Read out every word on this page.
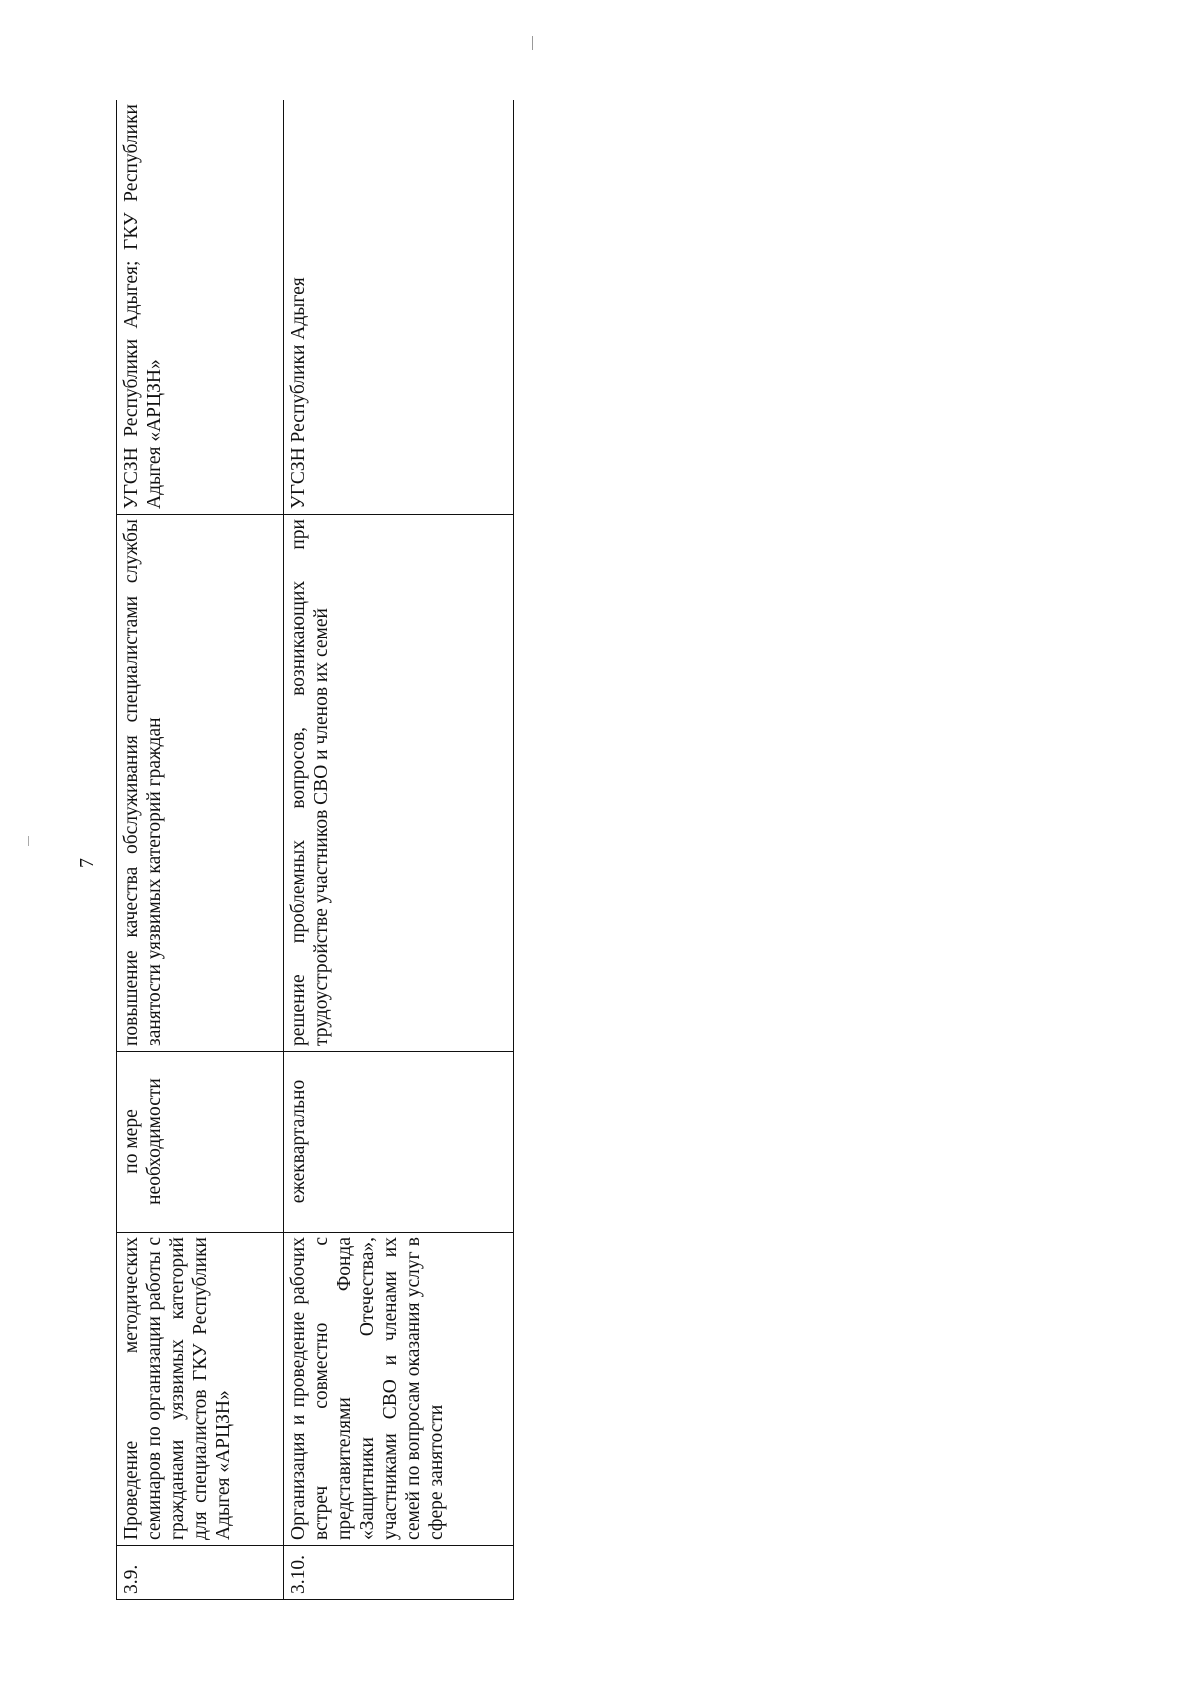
7
3.9.	Проведение методических семинаров по организации работы с гражданами уязвимых категорий для специалистов ГКУ Республики Адыгея «АРЦЗН»	по мере необходимости	повышение качества обслуживания специалистами службы занятости уязвимых категорий граждан	УГСЗН Республики Адыгея; ГКУ Республики Адыгея «АРЦЗН»
3.10.	Организация и проведение рабочих встреч совместно с представителями Фонда «Защитники Отечества», участниками СВО и членами их семей по вопросам оказания услуг в сфере занятости	ежеквартально	решение проблемных вопросов, возникающих при трудоустройстве участников СВО и членов их семей	УГСЗН Республики Адыгея
